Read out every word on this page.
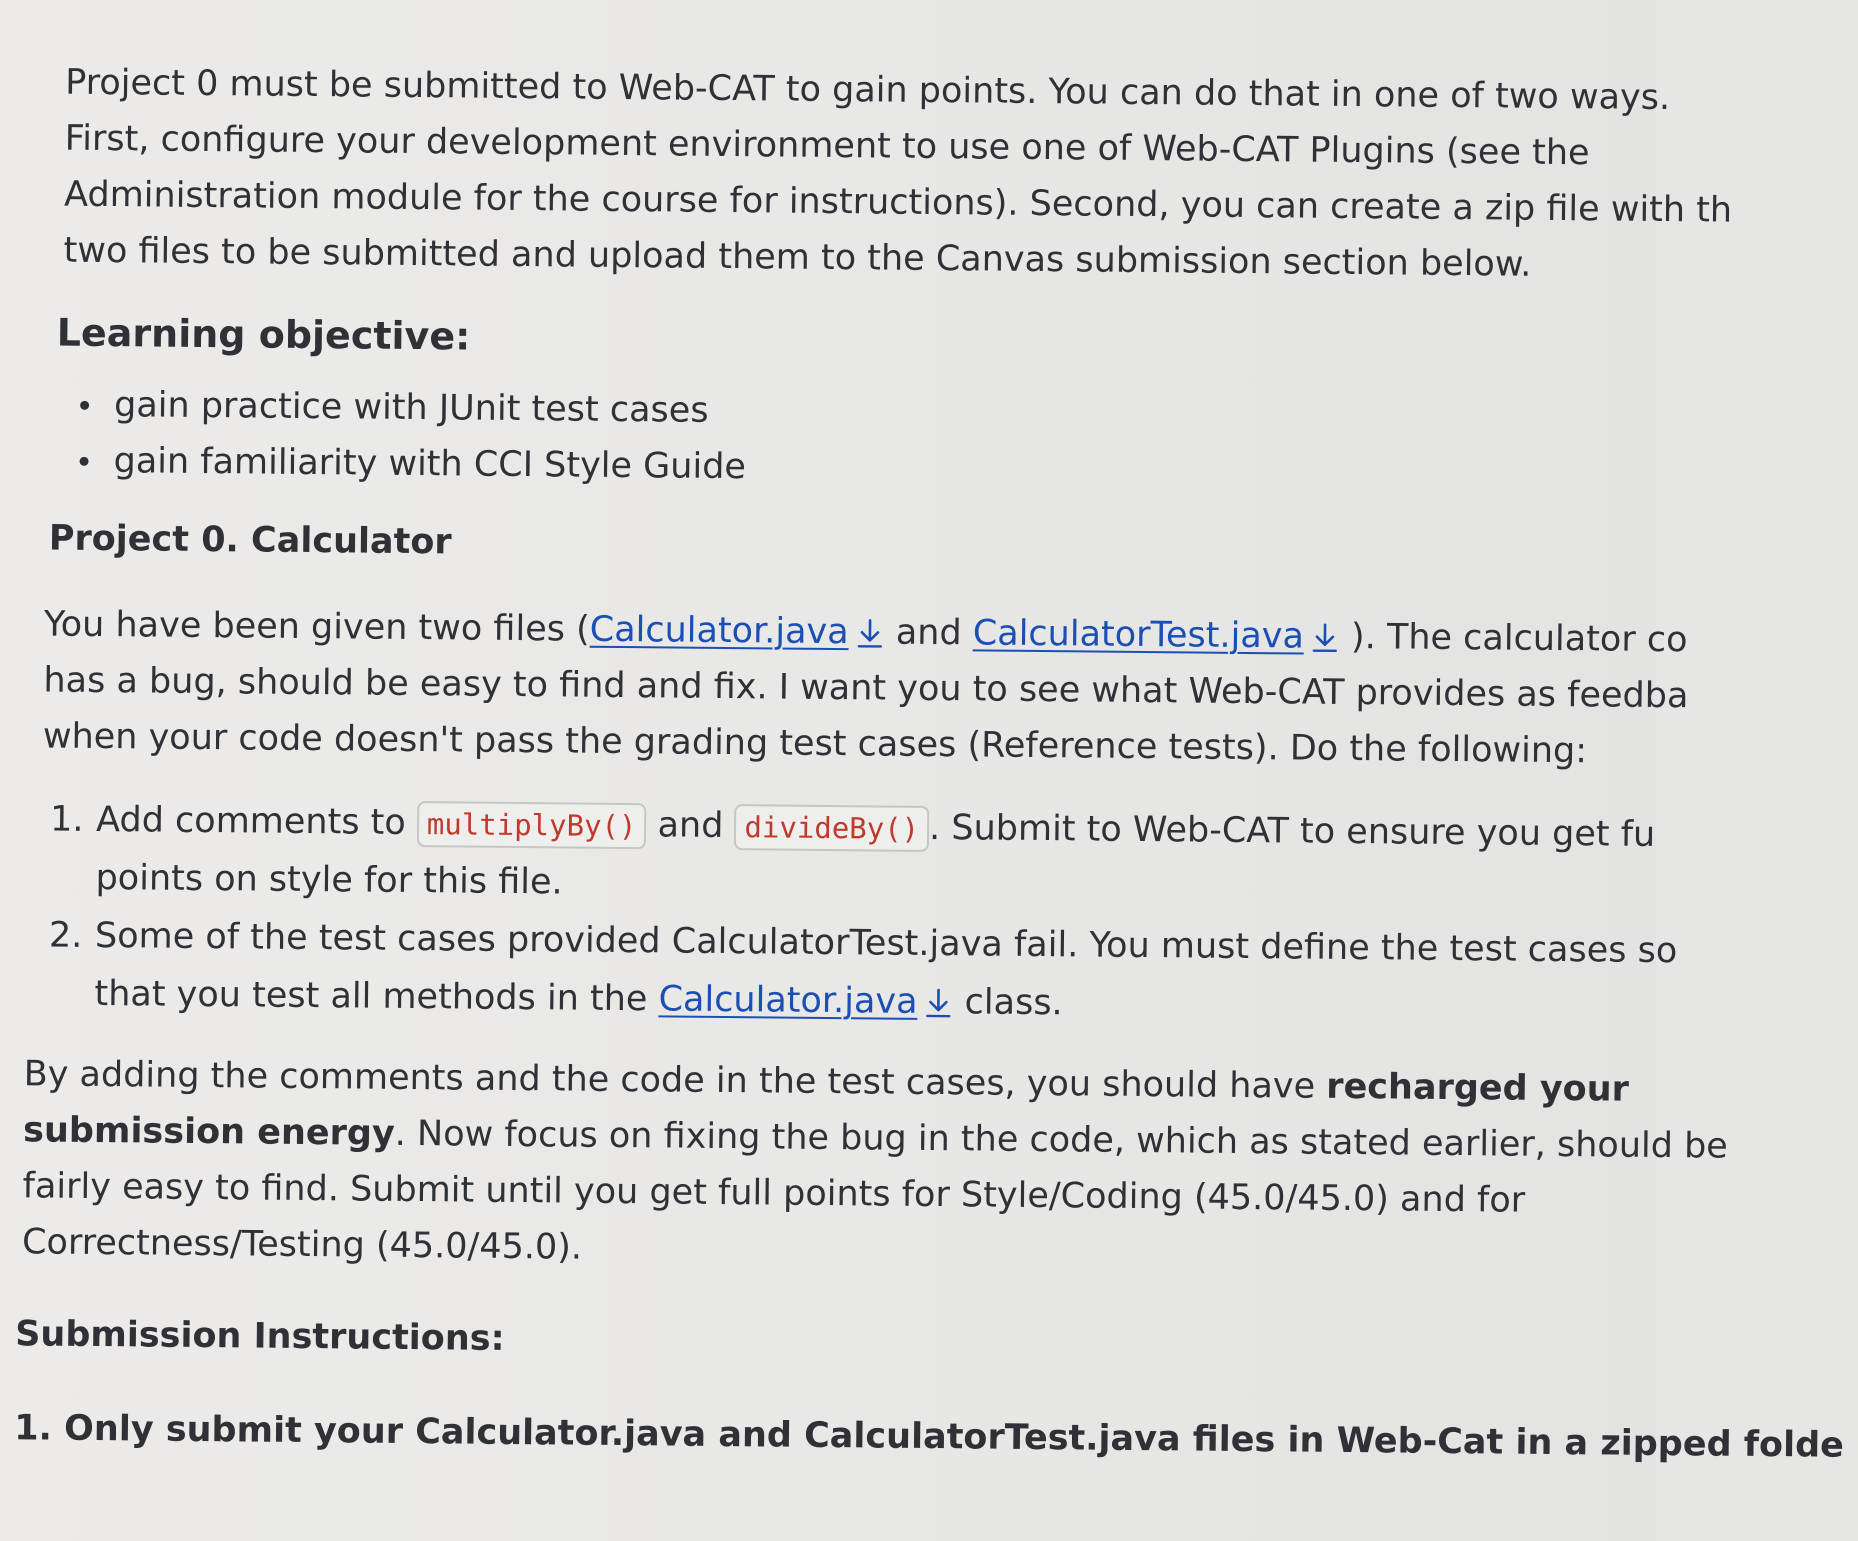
Project 0 must be submitted to Web-CAT to gain points. You can do that in one of two ways.
First, configure your development environment to use one of Web-CAT Plugins (see the
Administration module for the course for instructions). Second, you can create a zip file with th
two files to be submitted and upload them to the Canvas submission section below.
Learning objective:
gain practice with JUnit test cases
gain familiarity with CCI Style Guide
Project 0. Calculator
You have been given two files (Calculator.java and CalculatorTest.java ). The calculator co
has a bug, should be easy to find and fix. I want you to see what Web-CAT provides as feedba
when your code doesn't pass the grading test cases (Reference tests). Do the following:
1. Add comments to multiplyBy() and divideBy() . Submit to Web-CAT to ensure you get fu
points on style for this file.
2. Some of the test cases provided CalculatorTest.java fail. You must define the test cases so
that you test all methods in the Calculator.java class.
By adding the comments and the code in the test cases, you should have recharged your
submission energy. Now focus on fixing the bug in the code, which as stated earlier, should be
fairly easy to find. Submit until you get full points for Style/Coding (45.0/45.0) and for
Correctness/Testing (45.0/45.0).
Submission Instructions:
1. Only submit your Calculator.java and CalculatorTest.java files in Web-Cat in a zipped folde
